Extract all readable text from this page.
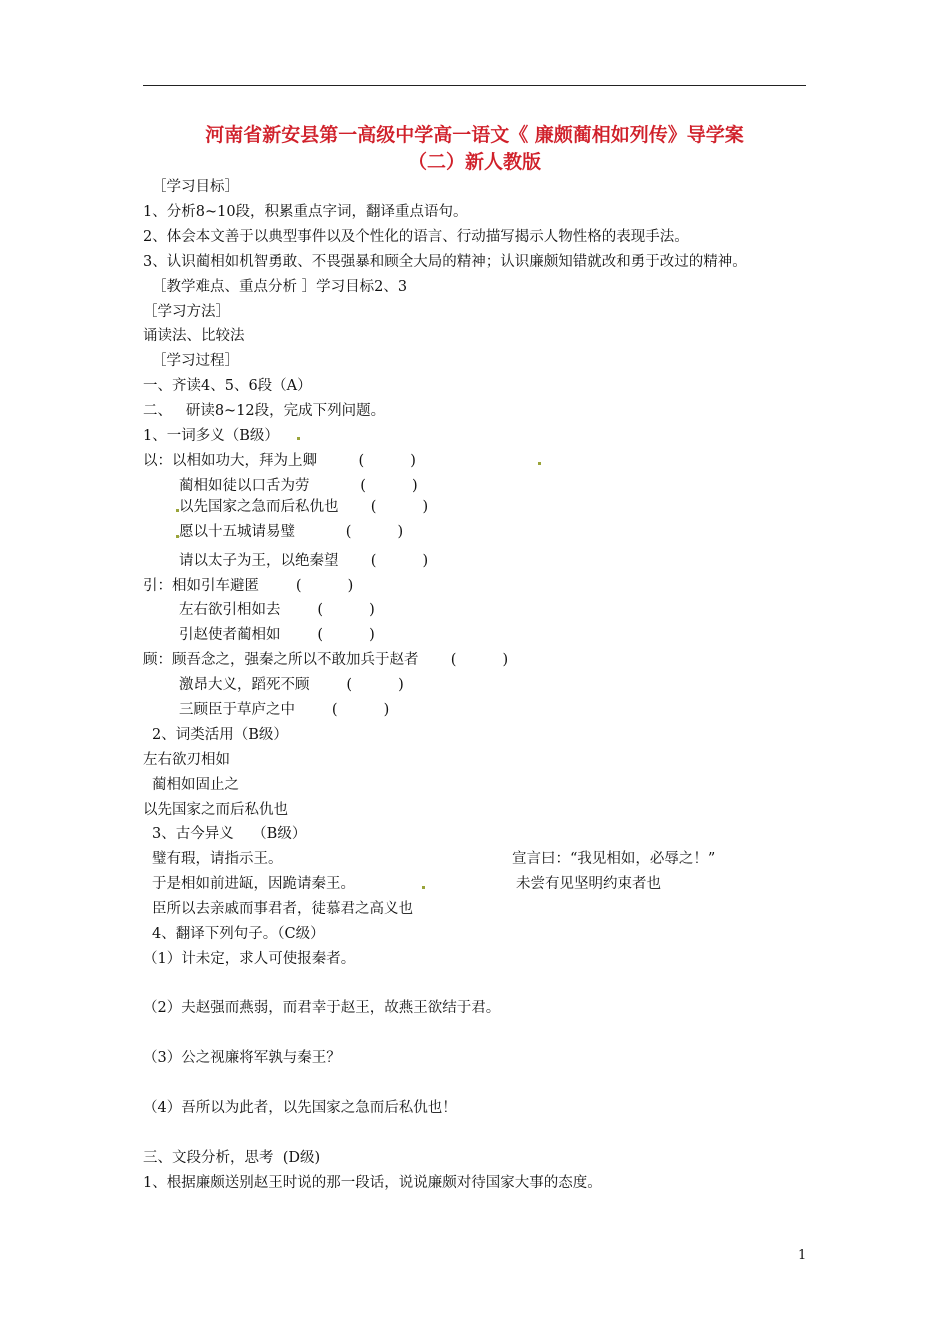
河南省新安县第一高级中学高一语文《 廉颇蔺相如列传》导学案
（二）新人教版
［学习目标］
1、分析8~10段，积累重点字词，翻译重点语句。
2、体会本文善于以典型事件以及个性化的语言、行动描写揭示人物性格的表现手法。
3、认识蔺相如机智勇敢、不畏强暴和顾全大局的精神；认识廉颇知错就改和勇于改过的精神。
［教学难点、重点分析 ］学习目标2、3
［学习方法］
诵读法、比较法
［学习过程］
一、齐读4、5、6段（A）
二、   研读8~12段，完成下列问题。
1、一词多义（B级）
以：以相如功大，拜为上卿         (          )
蔺相如徒以口舌为劳           (          )
以先国家之急而后私仇也       (          )
愿以十五城请易璧           (          )
请以太子为王，以绝秦望       (          )
引：相如引车避匿        (          )
左右欲引相如去        (          )
引赵使者蔺相如        (          )
顾：顾吾念之，强秦之所以不敢加兵于赵者       (          )
激昂大义，蹈死不顾        (          )
三顾臣于草庐之中        (          )
2、词类活用（B级）
左右欲刃相如
蔺相如固止之
以先国家之而后私仇也
3、古今异义    （B级）
璧有瑕，请指示王。	宣言曰：“我见相如，必辱之！”
于是相如前进缻，因跪请秦王。	未尝有见坚明约束者也
臣所以去亲戚而事君者，徒慕君之高义也
4、翻译下列句子。（C级）
（1）计未定，求人可使报秦者。
（2）夫赵强而燕弱，而君幸于赵王，故燕王欲结于君。
（3）公之视廉将军孰与秦王？
（4）吾所以为此者，以先国家之急而后私仇也！
三、文段分析，思考  (D级)
1、根据廉颇送别赵王时说的那一段话，说说廉颇对待国家大事的态度。
1
